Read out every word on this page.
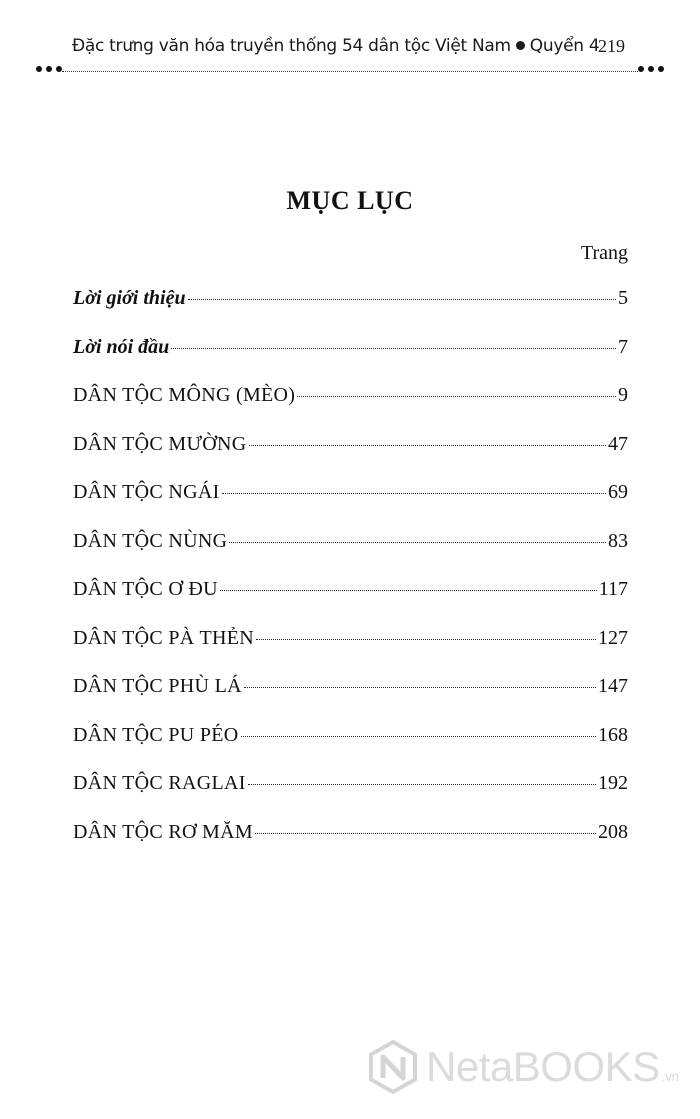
Đặc trưng văn hóa truyền thống 54 dân tộc Việt Nam Quyển 4
219
MỤC LỤC
Trang
Lời giới thiệu	5
Lời nói đầu	7
DÂN TỘC MÔNG (MÈO)	9
DÂN TỘC MƯỜNG	47
DÂN TỘC NGÁI	69
DÂN TỘC NÙNG	83
DÂN TỘC Ơ ĐU	117
DÂN TỘC PÀ THẺN	127
DÂN TỘC PHÙ LÁ	147
DÂN TỘC PU PÉO	168
DÂN TỘC RAGLAI	192
DÂN TỘC RƠ MĂM	208
NetaBOOKS .vn
